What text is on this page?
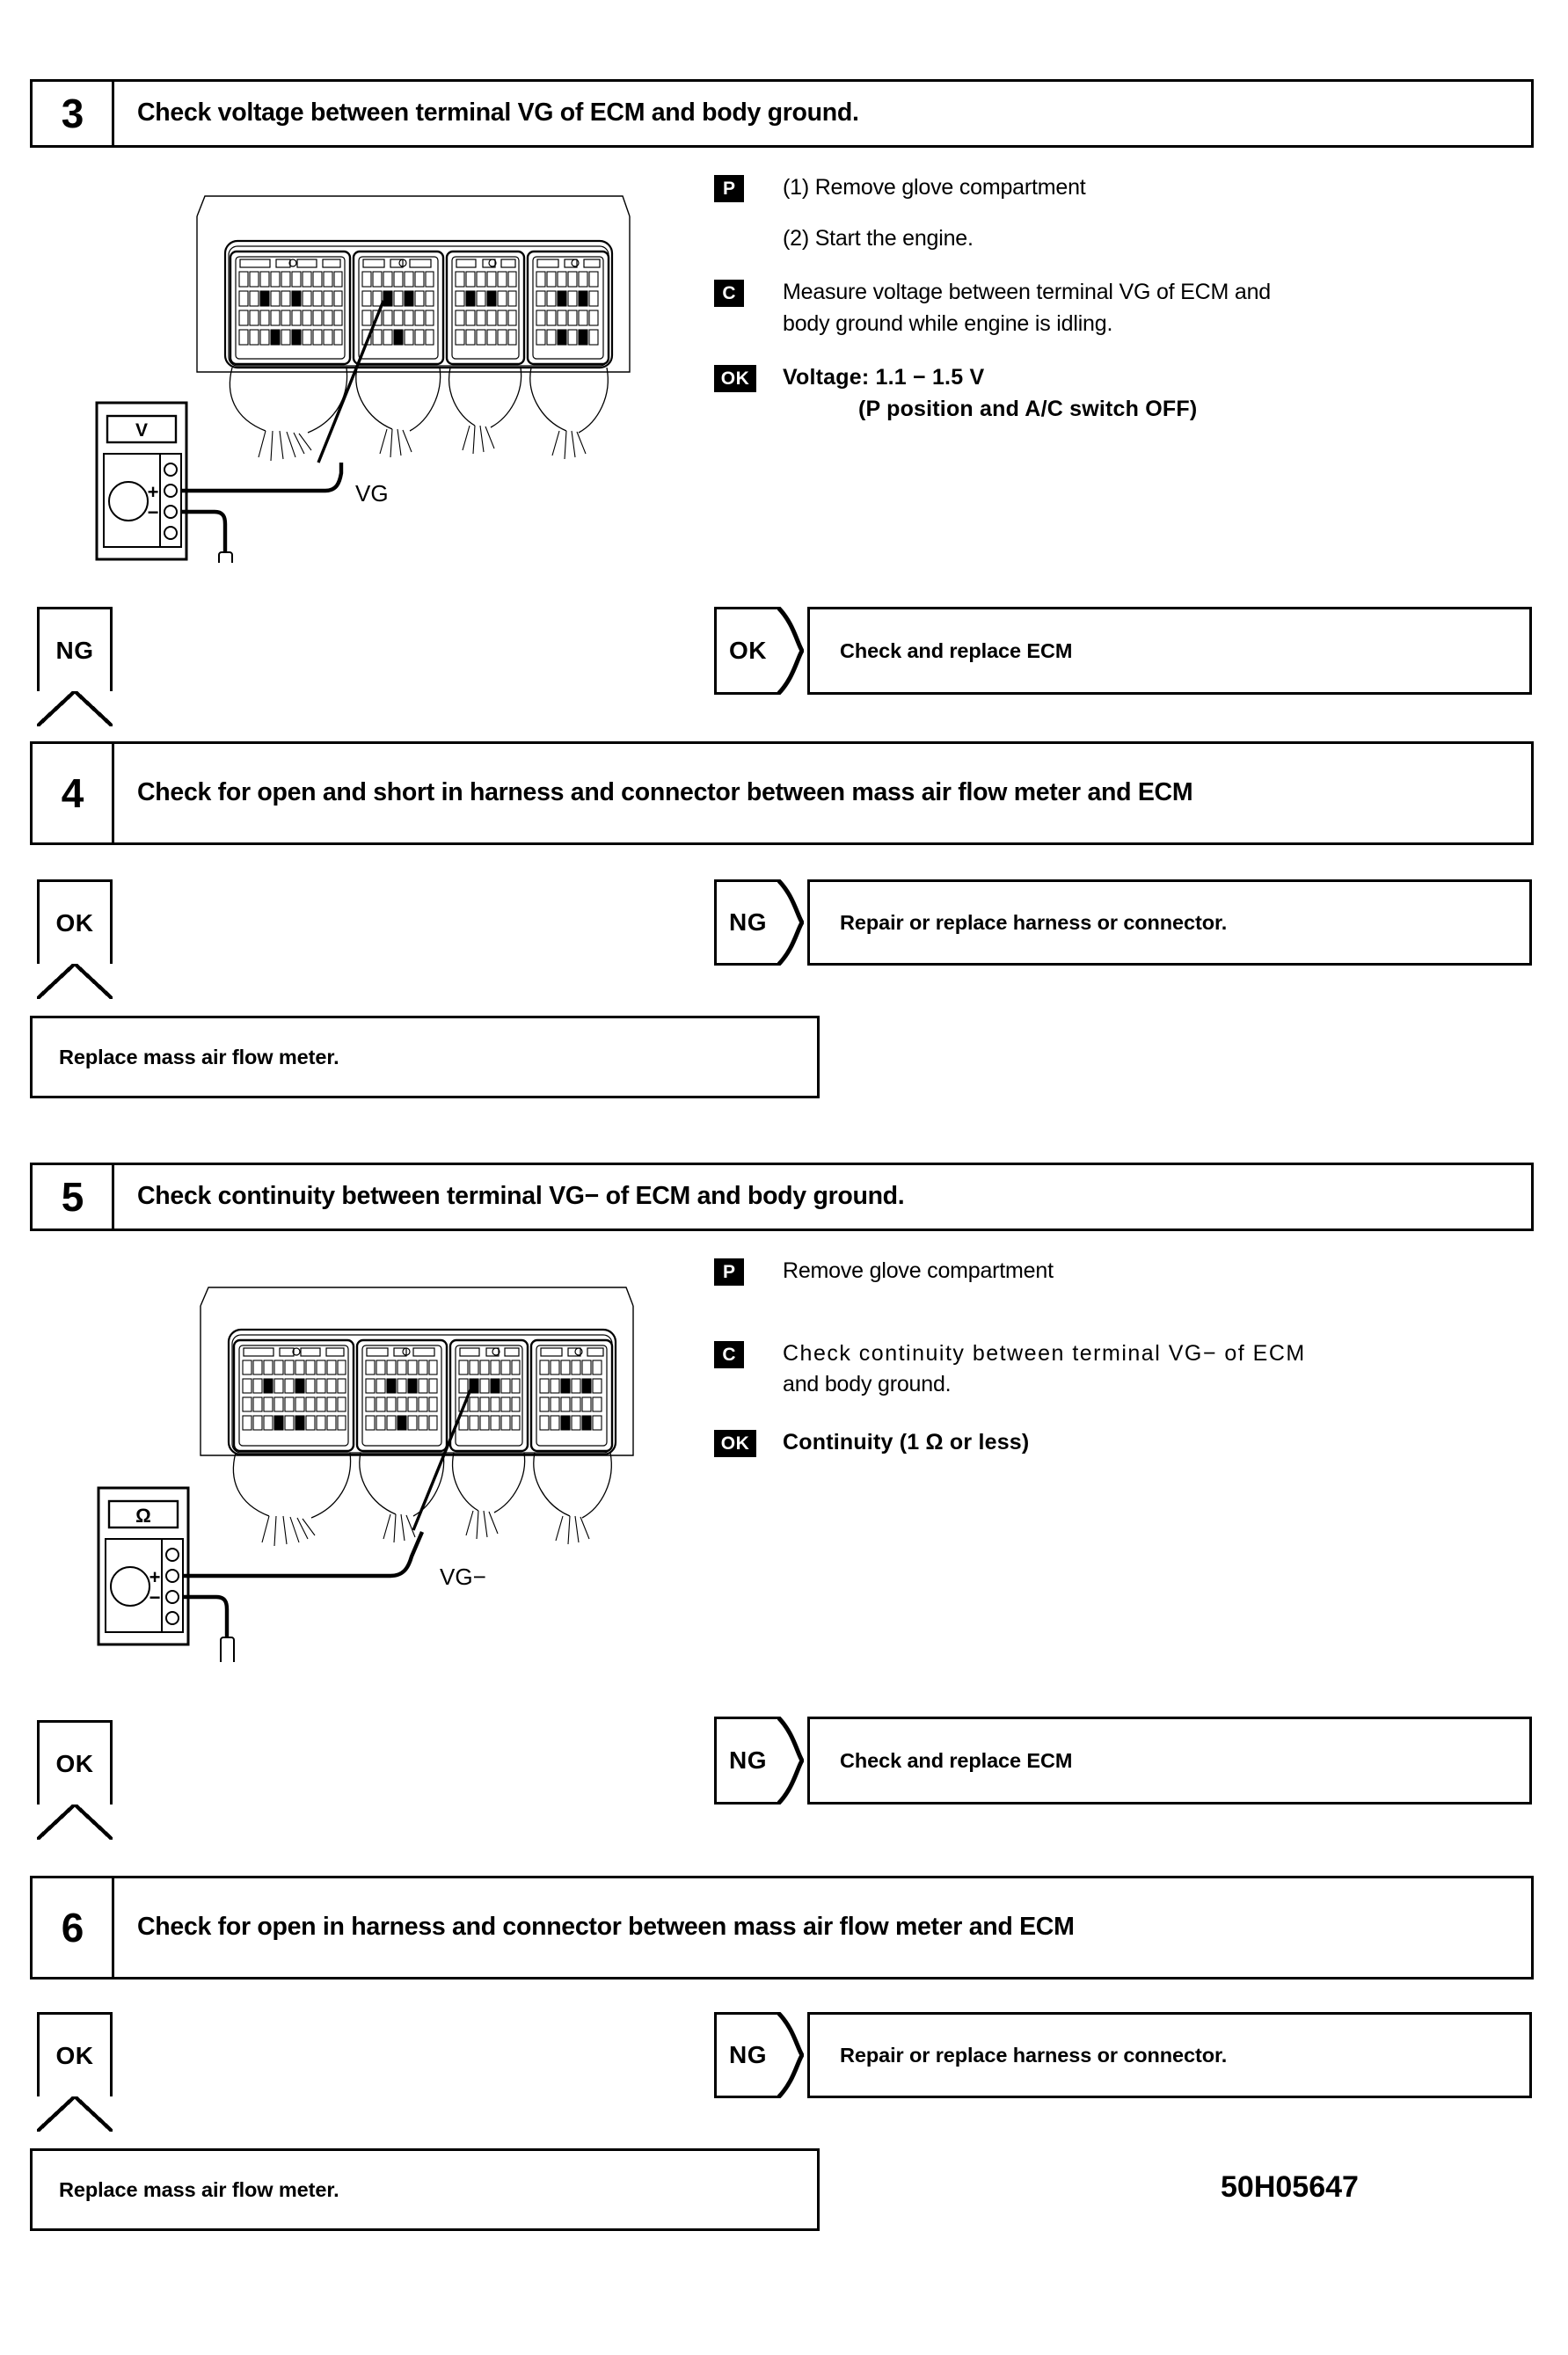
3	Check voltage between terminal VG of ECM and body ground.
V
+
−
VG
P	(1) Remove glove compartment
(2) Start the engine.
C	Measure voltage between terminal VG of ECM and
body ground while engine is idling.
OK	Voltage: 1.1 − 1.5 V
(P position and A/C switch OFF)
NG	OK	Check and replace ECM
4	Check for open and short in harness and connector between mass air flow meter and ECM
OK	NG	Repair or replace harness or connector.
Replace mass air flow meter.
5	Check continuity between terminal VG− of ECM and body ground.
Ω
+
−
VG−
P	Remove glove compartment
C	Check continuity between terminal VG− of ECM
and body ground.
OK	Continuity (1 Ω or less)
OK	NG	Check and replace ECM
6	Check for open in harness and connector between mass air flow meter and ECM
OK	NG	Repair or replace harness or connector.
Replace mass air flow meter.	50H05647
